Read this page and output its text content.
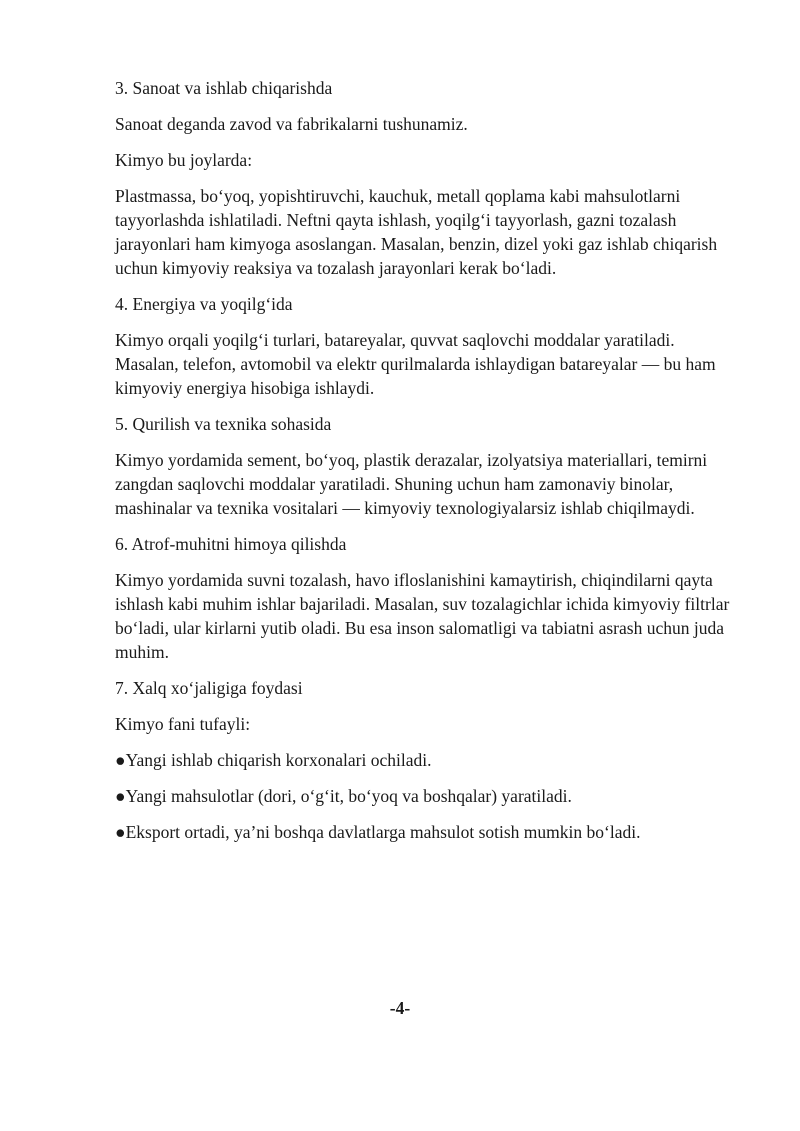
3. Sanoat va ishlab chiqarishda

Sanoat deganda zavod va fabrikalarni tushunamiz.

Kimyo bu joylarda:

Plastmassa, bo‘yoq, yopishtiruvchi, kauchuk, metall qoplama kabi mahsulotlarni tayyorlashda ishlatiladi. Neftni qayta ishlash, yoqilg‘i tayyorlash, gazni tozalash jarayonlari ham kimyoga asoslangan. Masalan, benzin, dizel yoki gaz ishlab chiqarish uchun kimyoviy reaksiya va tozalash jarayonlari kerak bo‘ladi.

4. Energiya va yoqilg‘ida

Kimyo orqali yoqilg‘i turlari, batareyalar, quvvat saqlovchi moddalar yaratiladi. Masalan, telefon, avtomobil va elektr qurilmalarda ishlaydigan batareyalar — bu ham kimyoviy energiya hisobiga ishlaydi.

5. Qurilish va texnika sohasida

Kimyo yordamida sement, bo‘yoq, plastik derazalar, izolyatsiya materiallari, temirni zangdan saqlovchi moddalar yaratiladi. Shuning uchun ham zamonaviy binolar, mashinalar va texnika vositalari — kimyoviy texnologiyalarsiz ishlab chiqilmaydi.

6. Atrof-muhitni himoya qilishda

Kimyo yordamida suvni tozalash, havo ifloslanishini kamaytirish, chiqindilarni qayta ishlash kabi muhim ishlar bajariladi. Masalan, suv tozalagichlar ichida kimyoviy filtrlar bo‘ladi, ular kirlarni yutib oladi. Bu esa inson salomatligi va tabiatni asrash uchun juda muhim.

7. Xalq xo‘jaligiga foydasi

Kimyo fani tufayli:

●Yangi ishlab chiqarish korxonalari ochiladi.

●Yangi mahsulotlar (dori, o‘g‘it, bo‘yoq va boshqalar) yaratiladi.

●Eksport ortadi, ya’ni boshqa davlatlarga mahsulot sotish mumkin bo‘ladi.

-4-
